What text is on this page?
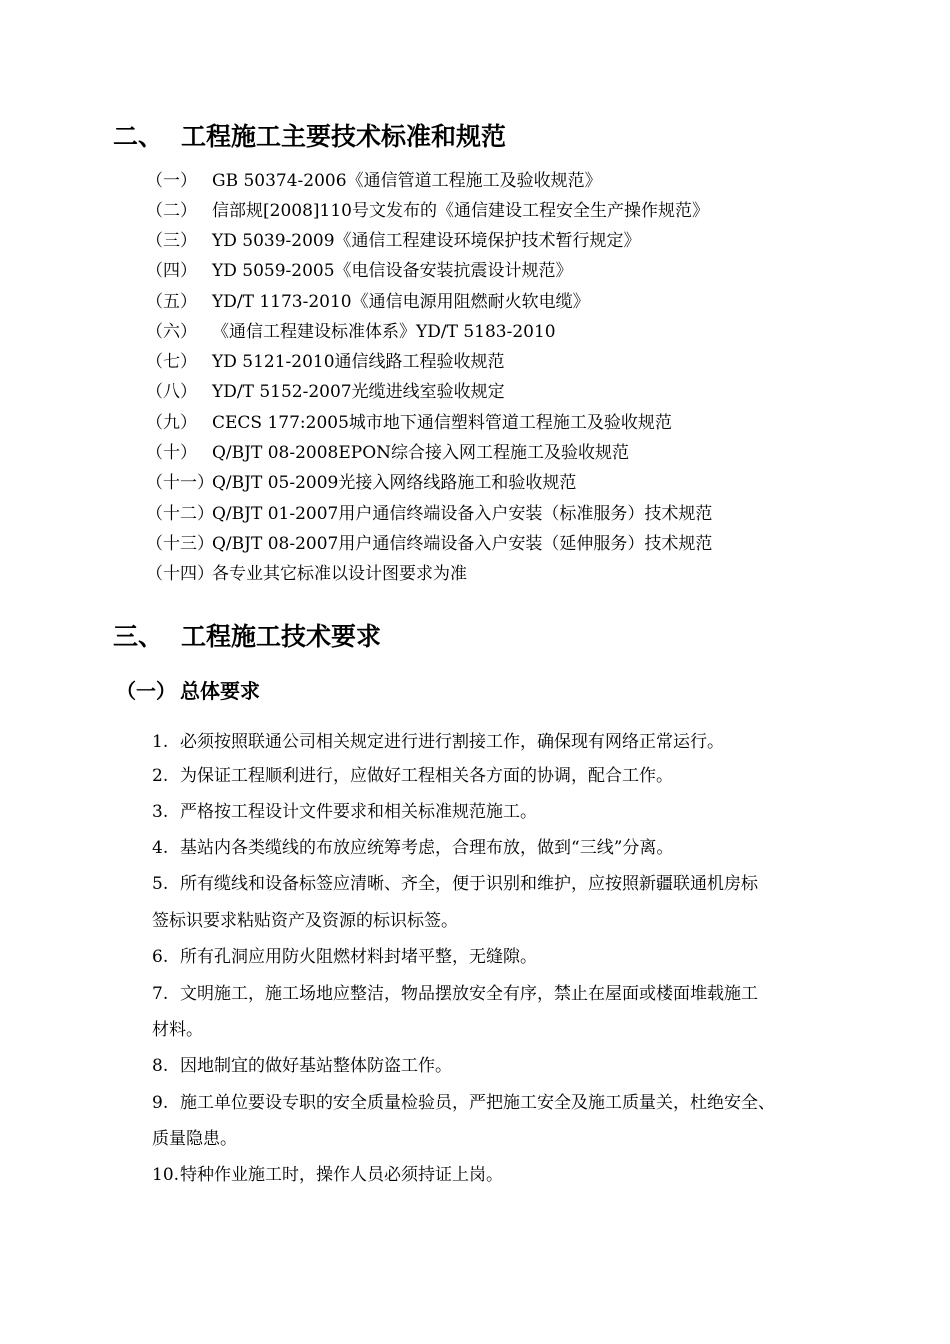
二、 工程施工主要技术标准和规范
（一） GB 50374-2006《通信管道工程施工及验收规范》
（二） 信部规[2008]110号文发布的《通信建设工程安全生产操作规范》
（三） YD 5039-2009《通信工程建设环境保护技术暂行规定》
（四） YD 5059-2005《电信设备安装抗震设计规范》
（五） YD/T 1173-2010《通信电源用阻燃耐火软电缆》
（六） 《通信工程建设标准体系》YD/T 5183-2010
（七） YD 5121-2010通信线路工程验收规范
（八） YD/T 5152-2007光缆进线室验收规定
（九） CECS 177:2005城市地下通信塑料管道工程施工及验收规范
（十） Q/BJT 08-2008EPON综合接入网工程施工及验收规范
（十一）Q/BJT 05-2009光接入网络线路施工和验收规范
（十二）Q/BJT 01-2007用户通信终端设备入户安装（标准服务）技术规范
（十三）Q/BJT 08-2007用户通信终端设备入户安装（延伸服务）技术规范
（十四）各专业其它标准以设计图要求为准
三、 工程施工技术要求
（一） 总体要求
1. 必须按照联通公司相关规定进行进行割接工作，确保现有网络正常运行。
2. 为保证工程顺利进行，应做好工程相关各方面的协调，配合工作。
3. 严格按工程设计文件要求和相关标准规范施工。
4. 基站内各类缆线的布放应统筹考虑，合理布放，做到“三线”分离。
5. 所有缆线和设备标签应清晰、齐全，便于识别和维护，应按照新疆联通机房标
签标识要求粘贴资产及资源的标识标签。
6. 所有孔洞应用防火阻燃材料封堵平整，无缝隙。
7. 文明施工，施工场地应整洁，物品摆放安全有序，禁止在屋面或楼面堆载施工
材料。
8. 因地制宜的做好基站整体防盗工作。
9. 施工单位要设专职的安全质量检验员，严把施工安全及施工质量关，杜绝安全、
质量隐患。
10.特种作业施工时，操作人员必须持证上岗。
